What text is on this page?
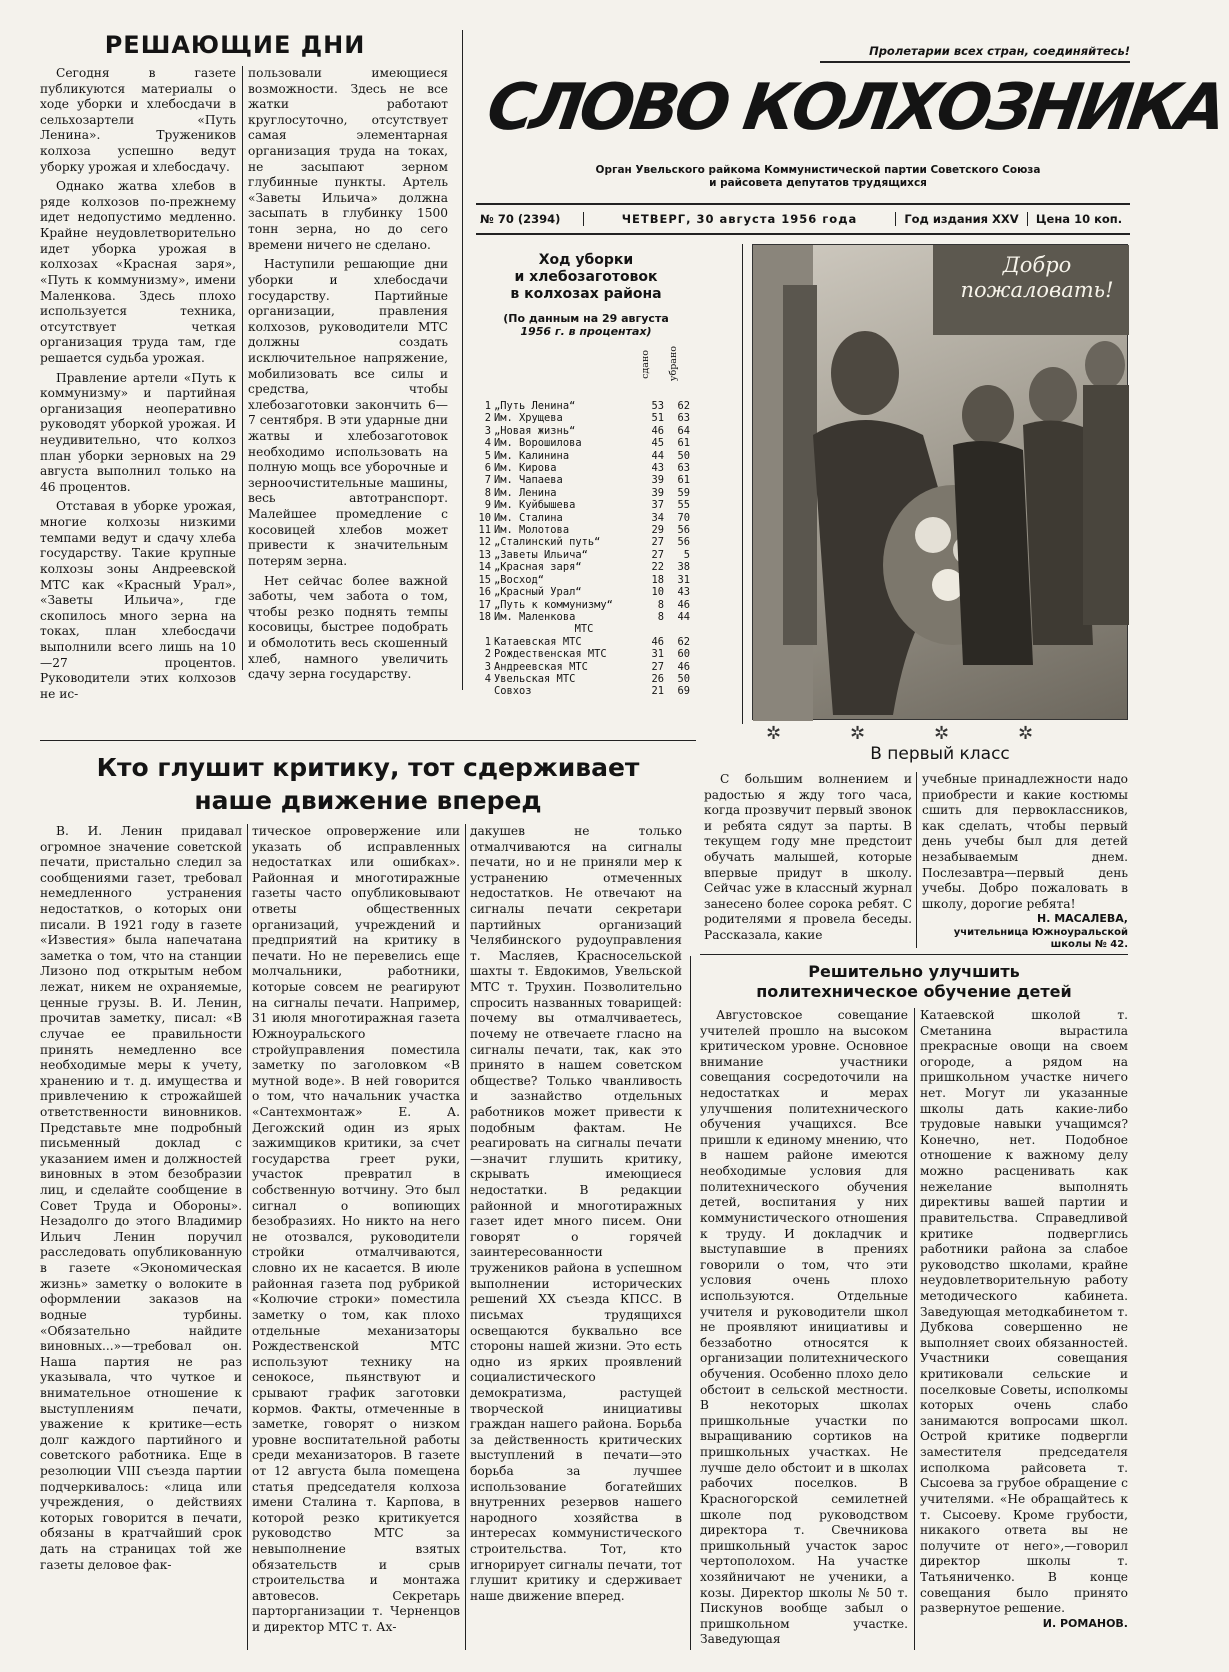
РЕШАЮЩИЕ ДНИ

Сегодня в газете публикуются материалы о ходе уборки и хлебосдачи в сельхозартели «Путь Ленина». Тружеников колхоза успешно ведут уборку урожая и хлебосдачу.

Однако жатва хлебов в ряде колхозов по-прежнему идет недопустимо медленно. Крайне неудовлетворительно идет уборка урожая в колхозах «Красная заря», «Путь к коммунизму», имени Маленкова. Здесь плохо используется техника, отсутствует четкая организация труда там, где решается судьба урожая.

Правление артели «Путь к коммунизму» и партийная организация неоперативно руководят уборкой урожая. И неудивительно, что колхоз план уборки зерновых на 29 августа выполнил только на 46 процентов.

Отставая в уборке урожая, многие колхозы низкими темпами ведут и сдачу хлеба государству. Такие крупные колхозы зоны Андреевской МТС как «Красный Урал», «Заветы Ильича», где скопилось много зерна на токах, план хлебосдачи выполнили всего лишь на 10—27 процентов. Руководители этих колхозов не ис-

пользовали имеющиеся возможности. Здесь не все жатки работают круглосуточно, отсутствует самая элементарная организация труда на токах, не засыпают зерном глубинные пункты. Артель «Заветы Ильича» должна засыпать в глубинку 1500 тонн зерна, но до сего времени ничего не сделано.

Наступили решающие дни уборки и хлебосдачи государству. Партийные организации, правления колхозов, руководители МТС должны создать исключительное напряжение, мобилизовать все силы и средства, чтобы хлебозаготовки закончить 6—7 сентября. В эти ударные дни жатвы и хлебозаготовок необходимо использовать на полную мощь все уборочные и зерноочистительные машины, весь автотранспорт. Малейшее промедление с косовицей хлебов может привести к значительным потерям зерна.

Нет сейчас более важной заботы, чем забота о том, чтобы резко поднять темпы косовицы, быстрее подобрать и обмолотить весь скошенный хлеб, намного увеличить сдачу зерна государству.

Пролетарии всех стран, соединяйтесь!
СЛОВО КОЛХОЗНИКА
Орган Увельского райкома Коммунистической партии Советского Союза
и райсовета депутатов трудящихся
№ 70 (2394)	ЧЕТВЕРГ, 30 августа 1956 года	Год издания XXV	Цена 10 коп.
Ход уборки
и хлебозаготовок
в колхозах района
(По данным на 29 августа
1956 г. в процентах)
сдано убрано
1 „Путь Ленина“	53	62
2 Им. Хрущева	51	63
3 „Новая жизнь“	46	64
4 Им. Ворошилова	45	61
5 Им. Калинина	44	50
6 Им. Кирова	43	63
7 Им. Чапаева	39	61
8 Им. Ленина	39	59
9 Им. Куйбышева	37	55
10 Им. Сталина	34	70
11 Им. Молотова	29	56
12 „Сталинский путь“	27	56
13 „Заветы Ильича“	27	5
14 „Красная заря“	22	38
15 „Восход“	18	31
16 „Красный Урал“	10	43
17 „Путь к коммунизму“	8	46
18 Им. Маленкова	8	44
МТС
1 Катаевская МТС	46	62
2 Рождественская МТС	31	60
3 Андреевская МТС	27	46
4 Увельская МТС	26	50
Совхоз	21	69
Добро
пожаловать!
✲	✲	✲	✲
В первый класс
С большим волнением и радостью я жду того часа, когда прозвучит первый звонок и ребята сядут за парты. В текущем году мне предстоит обучать малышей, которые впервые придут в школу. Сейчас уже в классный журнал занесено более сорока ребят. С родителями я провела беседы. Рассказала, какие
учебные принадлежности надо приобрести и какие костюмы сшить для первоклассников, как сделать, чтобы первый день учебы был для детей незабываемым днем. Послезавтра—первый день учебы. Добро пожаловать в школу, дорогие ребята!
Н. МАСАЛЕВА,
учительница Южноуральской школы № 42.
Кто глушит критику, тот сдерживает
наше движение вперед
В. И. Ленин придавал огромное значение советской печати, пристально следил за сообщениями газет, требовал немедленного устранения недостатков, о которых они писали. В 1921 году в газете «Известия» была напечатана заметка о том, что на станции Лизоно под открытым небом лежат, никем не охраняемые, ценные грузы. В. И. Ленин, прочитав заметку, писал: «В случае ее правильности принять немедленно все необходимые меры к учету, хранению и т. д. имущества и привлечению к строжайшей ответственности виновников. Представьте мне подробный письменный доклад с указанием имен и должностей виновных в этом безобразии лиц, и сделайте сообщение в Совет Труда и Обороны». Незадолго до этого Владимир Ильич Ленин поручил расследовать опубликованную в газете «Экономическая жизнь» заметку о волоките в оформлении заказов на водные турбины. «Обязательно найдите виновных...»—требовал он. Наша партия не раз указывала, что чуткое и внимательное отношение к выступлениям печати, уважение к критике—есть долг каждого партийного и советского работника. Еще в резолюции VIII съезда партии подчеркивалось: «лица или учреждения, о действиях которых говорится в печати, обязаны в кратчайший срок дать на страницах той же газеты деловое фак-
тическое опровержение или указать об исправленных недостатках или ошибках». Районная и многотиражные газеты часто опубликовывают ответы общественных организаций, учреждений и предприятий на критику в печати. Но не перевелись еще молчальники, работники, которые совсем не реагируют на сигналы печати. Например, 31 июля многотиражная газета Южноуральского стройуправления поместила заметку по заголовком «В мутной воде». В ней говорится о том, что начальник участка «Сантехмонтаж» Е. А. Дегожский один из ярых зажимщиков критики, за счет государства греет руки, участок превратил в собственную вотчину. Это был сигнал о вопиющих безобразиях. Но никто на него не отозвался, руководители стройки отмалчиваются, словно их не касается. В июле районная газета под рубрикой «Колючие строки» поместила заметку о том, как плохо отдельные механизаторы Рождественской МТС используют технику на сенокосе, пьянствуют и срывают график заготовки кормов. Факты, отмеченные в заметке, говорят о низком уровне воспитательной работы среди механизаторов. В газете от 12 августа была помещена статья председателя колхоза имени Сталина т. Карпова, в которой резко критикуется руководство МТС за невыполнение взятых обязательств и срыв строительства и монтажа автовесов. Секретарь парторганизации т. Черненцов и директор МТС т. Ах-
дакушев не только отмалчиваются на сигналы печати, но и не приняли мер к устранению отмеченных недостатков. Не отвечают на сигналы печати секретари партийных организаций Челябинского рудоуправления т. Масляев, Красносельской шахты т. Евдокимов, Увельской МТС т. Трухин. Позволительно спросить названных товарищей: почему вы отмалчиваетесь, почему не отвечаете гласно на сигналы печати, так, как это принято в нашем советском обществе? Только чванливость и зазнайство отдельных работников может привести к подобным фактам. Не реагировать на сигналы печати—значит глушить критику, скрывать имеющиеся недостатки. В редакции районной и многотиражных газет идет много писем. Они говорят о горячей заинтересованности тружеников района в успешном выполнении исторических решений XX съезда КПСС. В письмах трудящихся освещаются буквально все стороны нашей жизни. Это есть одно из ярких проявлений социалистического демократизма, растущей творческой инициативы граждан нашего района. Борьба за действенность критических выступлений в печати—это борьба за лучшее использование богатейших внутренних резервов нашего народного хозяйства в интересах коммунистического строительства. Тот, кто игнорирует сигналы печати, тот глушит критику и сдерживает наше движение вперед.
Решительно улучшить
политехническое обучение детей
Августовское совещание учителей прошло на высоком критическом уровне. Основное внимание участники совещания сосредоточили на недостатках и мерах улучшения политехнического обучения учащихся. Все пришли к единому мнению, что в нашем районе имеются необходимые условия для политехнического обучения детей, воспитания у них коммунистического отношения к труду. И докладчик и выступавшие в прениях говорили о том, что эти условия очень плохо используются. Отдельные учителя и руководители школ не проявляют инициативы и беззаботно относятся к организации политехнического обучения. Особенно плохо дело обстоит в сельской местности. В некоторых школах пришкольные участки по выращиванию сортиков на пришкольных участках. Не лучше дело обстоит и в школах рабочих поселков. В Красногорской семилетней школе под руководством директора т. Свечникова пришкольный участок зарос чертополохом. На участке хозяйничают не ученики, а козы. Директор школы № 50 т. Пискунов вообще забыл о пришкольном участке. Заведующая
Катаевской школой т. Сметанина вырастила прекрасные овощи на своем огороде, а рядом на пришкольном участке ничего нет. Могут ли указанные школы дать какие-либо трудовые навыки учащимся? Конечно, нет. Подобное отношение к важному делу можно расценивать как нежелание выполнять директивы вашей партии и правительства. Справедливой критике подверглись работники района за слабое руководство школами, крайне неудовлетворительную работу методического кабинета. Заведующая методкабинетом т. Дубкова совершенно не выполняет своих обязанностей. Участники совещания критиковали сельские и поселковые Советы, исполкомы которых очень слабо занимаются вопросами школ. Острой критике подвергли заместителя председателя исполкома райсовета т. Сысоева за грубое обращение с учителями. «Не обращайтесь к т. Сысоеву. Кроме грубости, никакого ответа вы не получите от него»,—говорил директор школы т. Татьяниченко. В конце совещания было принято развернутое решение.
И. РОМАНОВ.
